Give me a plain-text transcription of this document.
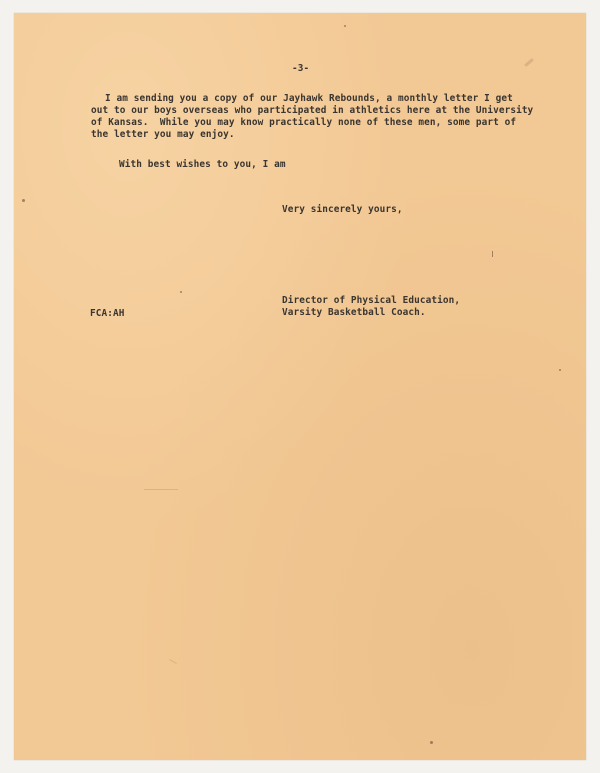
-3-
I am sending you a copy of our Jayhawk Rebounds, a monthly letter I get
out to our boys overseas who participated in athletics here at the University
of Kansas.  While you may know practically none of these men, some part of
the letter you may enjoy.
With best wishes to you, I am
Very sincerely yours,
FCA:AH
Director of Physical Education,
Varsity Basketball Coach.
